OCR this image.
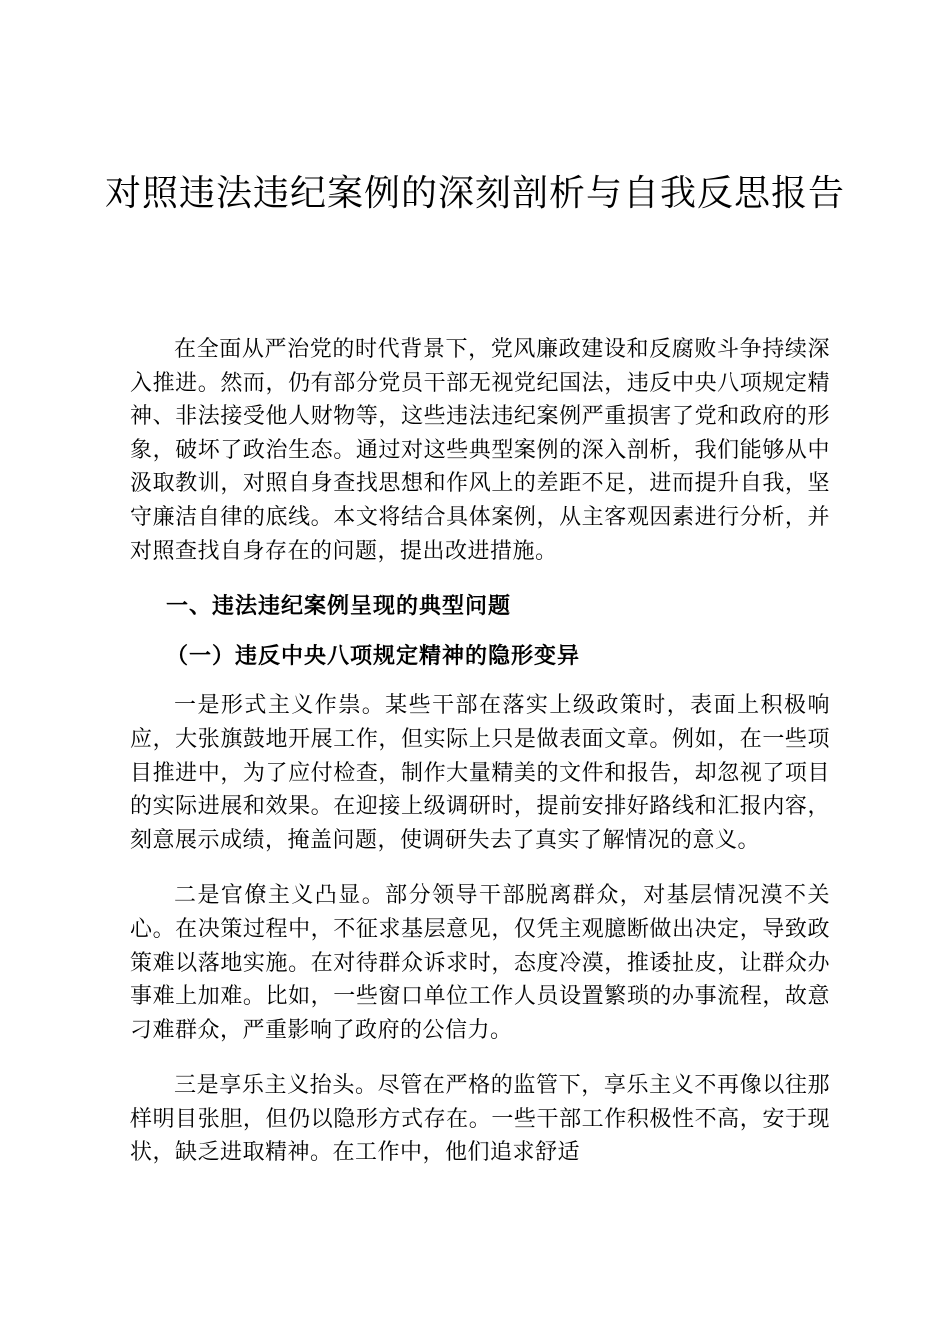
对照违法违纪案例的深刻剖析与自我反思报告

在全面从严治党的时代背景下，党风廉政建设和反腐败斗争持续深入推进。然而，仍有部分党员干部无视党纪国法，违反中央八项规定精神、非法接受他人财物等，这些违法违纪案例严重损害了党和政府的形象，破坏了政治生态。通过对这些典型案例的深入剖析，我们能够从中汲取教训，对照自身查找思想和作风上的差距不足，进而提升自我，坚守廉洁自律的底线。本文将结合具体案例，从主客观因素进行分析，并对照查找自身存在的问题，提出改进措施。

一、违法违纪案例呈现的典型问题

（一）违反中央八项规定精神的隐形变异

一是形式主义作祟。某些干部在落实上级政策时，表面上积极响应，大张旗鼓地开展工作，但实际上只是做表面文章。例如，在一些项目推进中，为了应付检查，制作大量精美的文件和报告，却忽视了项目的实际进展和效果。在迎接上级调研时，提前安排好路线和汇报内容，刻意展示成绩，掩盖问题，使调研失去了真实了解情况的意义。

二是官僚主义凸显。部分领导干部脱离群众，对基层情况漠不关心。在决策过程中，不征求基层意见，仅凭主观臆断做出决定，导致政策难以落地实施。在对待群众诉求时，态度冷漠，推诿扯皮，让群众办事难上加难。比如，一些窗口单位工作人员设置繁琐的办事流程，故意刁难群众，严重影响了政府的公信力。

三是享乐主义抬头。尽管在严格的监管下，享乐主义不再像以往那样明目张胆，但仍以隐形方式存在。一些干部工作积极性不高，安于现状，缺乏进取精神。在工作中，他们追求舒适
